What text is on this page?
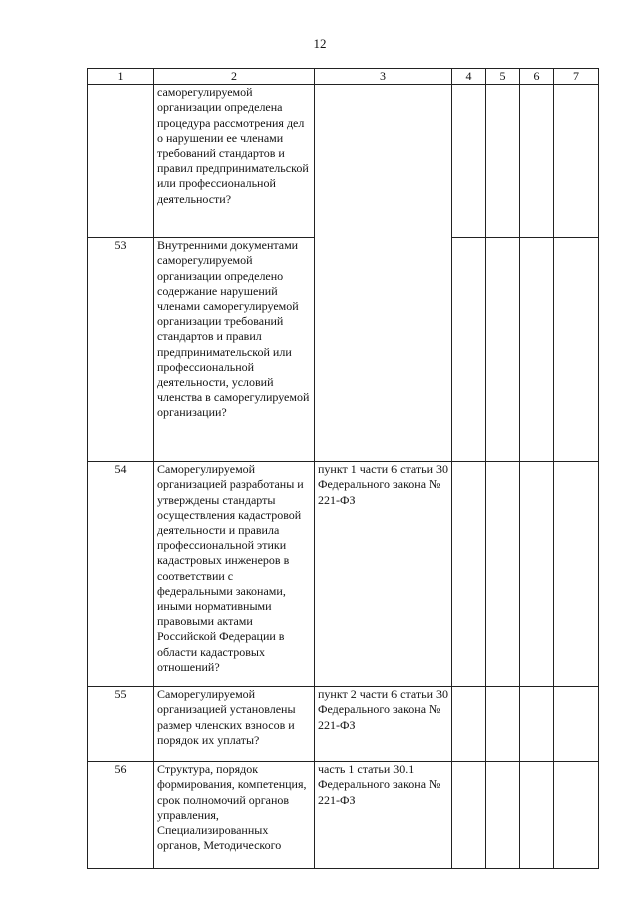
12
1	2	3	4	5	6	7
	саморегулируемой организации определена процедура рассмотрения дел о нарушении ее членами требований стандартов и правил предпринимательской или профессиональной деятельности?					
53	Внутренними документами саморегулируемой организации определено содержание нарушений членами саморегулируемой организации требований стандартов и правил предпринимательской или профессиональной деятельности, условий членства в саморегулируемой организации?					
54	Саморегулируемой организацией разработаны и утверждены стандарты осуществления кадастровой деятельности и правила профессиональной этики кадастровых инженеров в соответствии с федеральными законами, иными нормативными правовыми актами Российской Федерации в области кадастровых отношений?	пункт 1 части 6 статьи 30 Федерального закона № 221-ФЗ				
55	Саморегулируемой организацией установлены размер членских взносов и порядок их уплаты?	пункт 2 части 6 статьи 30 Федерального закона № 221-ФЗ				
56	Структура, порядок формирования, компетенция, срок полномочий органов управления, Специализированных органов, Методического	часть 1 статьи 30.1 Федерального закона № 221-ФЗ				
